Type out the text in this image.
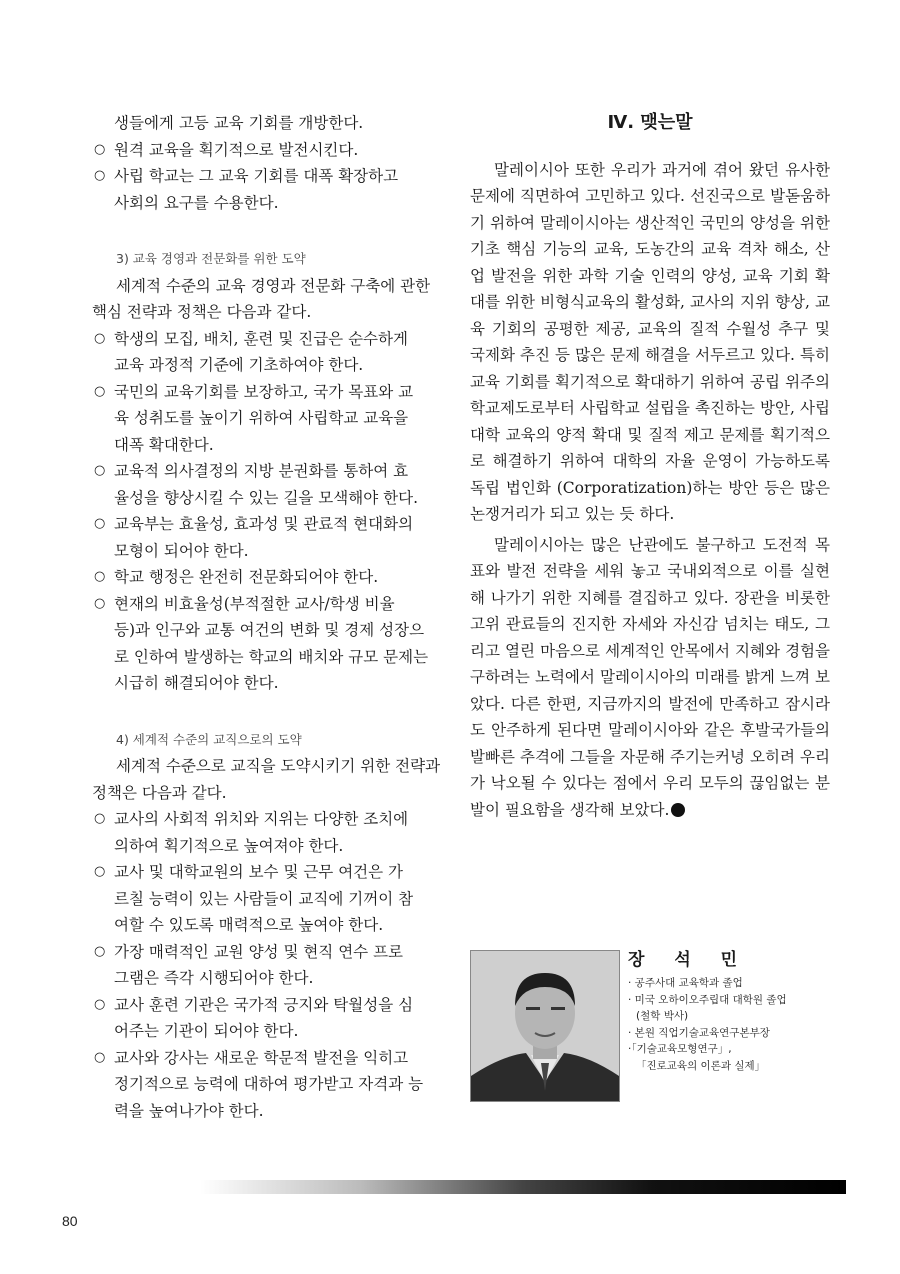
생들에게 고등 교육 기회를 개방한다.

○ 원격 교육을 획기적으로 발전시킨다.
○ 사립 학교는 그 교육 기회를 대폭 확장하고
사회의 요구를 수용한다.
3) 교육 경영과 전문화를 위한 도약

세계적 수준의 교육 경영과 전문화 구축에 관한 핵심 전략과 정책은 다음과 같다.

○ 학생의 모집, 배치, 훈련 및 진급은 순수하게
교육 과정적 기준에 기초하여야 한다.
○ 국민의 교육기회를 보장하고, 국가 목표와 교
육 성취도를 높이기 위하여 사립학교 교육을
대폭 확대한다.
○ 교육적 의사결정의 지방 분권화를 통하여 효
율성을 향상시킬 수 있는 길을 모색해야 한다.
○ 교육부는 효율성, 효과성 및 관료적 현대화의
모형이 되어야 한다.
○ 학교 행정은 완전히 전문화되어야 한다.
○ 현재의 비효율성(부적절한 교사/학생 비율
등)과 인구와 교통 여건의 변화 및 경제 성장으
로 인하여 발생하는 학교의 배치와 규모 문제는
시급히 해결되어야 한다.
4) 세계적 수준의 교직으로의 도약

세계적 수준으로 교직을 도약시키기 위한 전략과 정책은 다음과 같다.

○ 교사의 사회적 위치와 지위는 다양한 조치에
의하여 획기적으로 높여져야 한다.
○ 교사 및 대학교원의 보수 및 근무 여건은 가
르칠 능력이 있는 사람들이 교직에 기꺼이 참
여할 수 있도록 매력적으로 높여야 한다.
○ 가장 매력적인 교원 양성 및 현직 연수 프로
그램은 즉각 시행되어야 한다.
○ 교사 훈련 기관은 국가적 긍지와 탁월성을 심
어주는 기관이 되어야 한다.
○ 교사와 강사는 새로운 학문적 발전을 익히고
정기적으로 능력에 대하여 평가받고 자격과 능
력을 높여나가야 한다.
Ⅳ. 맺는말

말레이시아 또한 우리가 과거에 겪어 왔던 유사한 문제에 직면하여 고민하고 있다. 선진국으로 발돋움하기 위하여 말레이시아는 생산적인 국민의 양성을 위한 기초 핵심 기능의 교육, 도농간의 교육 격차 해소, 산업 발전을 위한 과학 기술 인력의 양성, 교육 기회 확대를 위한 비형식교육의 활성화, 교사의 지위 향상, 교육 기회의 공평한 제공, 교육의 질적 수월성 추구 및 국제화 추진 등 많은 문제 해결을 서두르고 있다. 특히 교육 기회를 획기적으로 확대하기 위하여 공립 위주의 학교제도로부터 사립학교 설립을 촉진하는 방안, 사립대학 교육의 양적 확대 및 질적 제고 문제를 획기적으로 해결하기 위하여 대학의 자율 운영이 가능하도록 독립 법인화 (Corporatization)하는 방안 등은 많은 논쟁거리가 되고 있는 듯 하다.

말레이시아는 많은 난관에도 불구하고 도전적 목표와 발전 전략을 세워 놓고 국내외적으로 이를 실현해 나가기 위한 지혜를 결집하고 있다. 장관을 비롯한 고위 관료들의 진지한 자세와 자신감 넘치는 태도, 그리고 열린 마음으로 세계적인 안목에서 지혜와 경험을 구하려는 노력에서 말레이시아의 미래를 밝게 느껴 보았다. 다른 한편, 지금까지의 발전에 만족하고 잠시라도 안주하게 된다면 말레이시아와 같은 후발국가들의 발빠른 추격에 그들을 자문해 주기는커녕 오히려 우리가 낙오될 수 있다는 점에서 우리 모두의 끊임없는 분발이 필요함을 생각해 보았다.

장 석 민
· 공주사대 교육학과 졸업
· 미국 오하이오주립대 대학원 졸업
(철학 박사)
· 본원 직업기술교육연구본부장
·「기술교육모형연구」,
「진로교육의 이론과 실제」
80
